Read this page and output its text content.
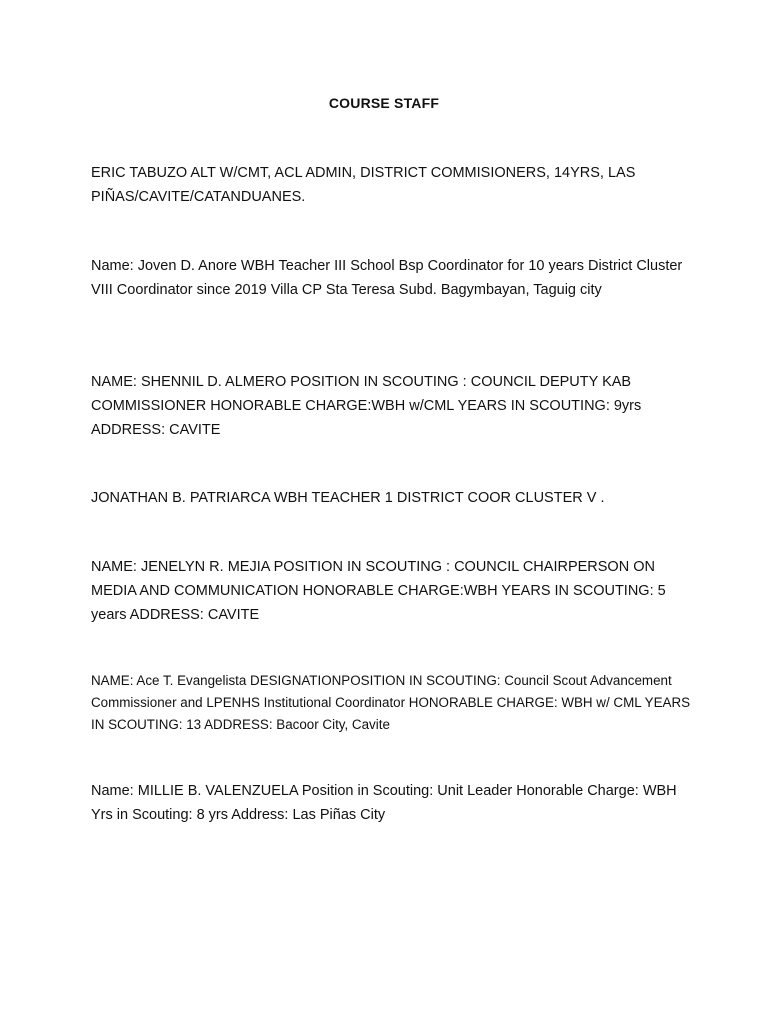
COURSE STAFF

ERIC TABUZO ALT W/CMT, ACL ADMIN, DISTRICT COMMISIONERS, 14YRS, LAS PIÑAS/CAVITE/CATANDUANES.

Name: Joven D. Anore WBH Teacher III School Bsp Coordinator for 10 years District Cluster VIII Coordinator since 2019 Villa CP Sta Teresa Subd. Bagymbayan, Taguig city

NAME: SHENNIL D. ALMERO POSITION IN SCOUTING : COUNCIL DEPUTY KAB COMMISSIONER HONORABLE CHARGE:WBH w/CML YEARS IN SCOUTING: 9yrs ADDRESS: CAVITE

JONATHAN B. PATRIARCA WBH TEACHER 1 DISTRICT COOR CLUSTER V .

NAME: JENELYN R. MEJIA POSITION IN SCOUTING : COUNCIL CHAIRPERSON ON MEDIA AND COMMUNICATION HONORABLE CHARGE:WBH YEARS IN SCOUTING: 5 years ADDRESS: CAVITE

NAME: Ace T. Evangelista DESIGNATIONPOSITION IN SCOUTING: Council Scout Advancement Commissioner and LPENHS Institutional Coordinator HONORABLE CHARGE: WBH w/ CML YEARS IN SCOUTING: 13 ADDRESS: Bacoor City, Cavite

Name: MILLIE B. VALENZUELA Position in Scouting: Unit Leader Honorable Charge: WBH Yrs in Scouting: 8 yrs Address: Las Piñas City
